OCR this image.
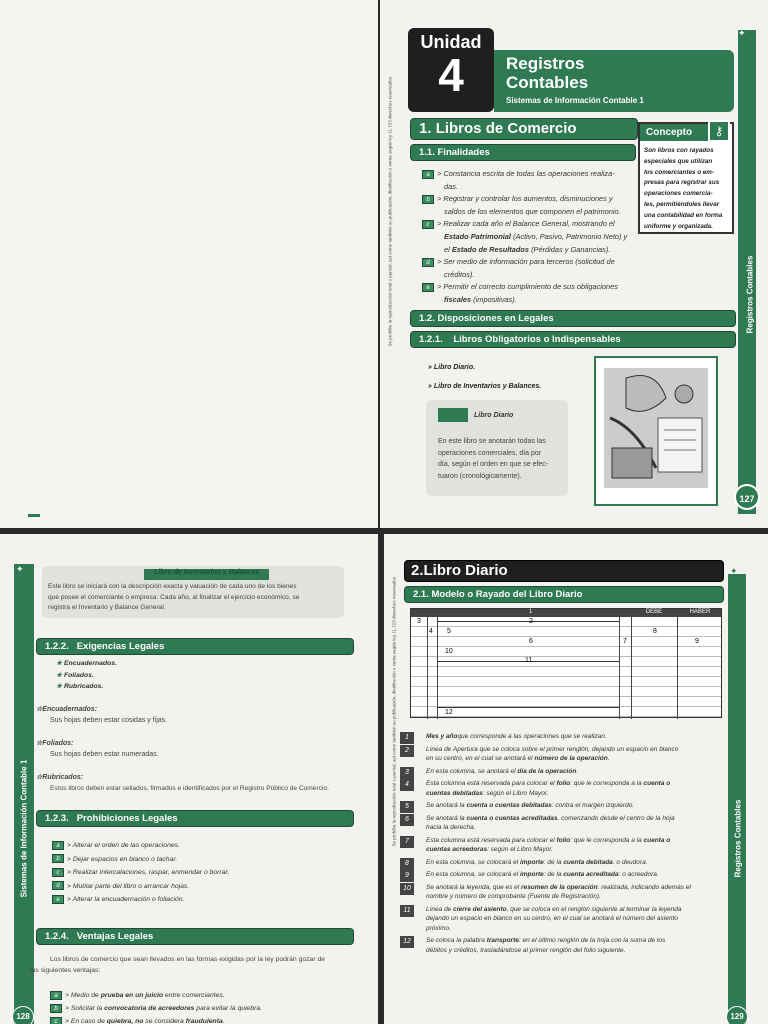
Registros Contables
✦
127
Unidad
4	Registros
Contables
Sistemas de Información Contable 1
Se prohíbe la reproducción total o parcial, así como también su publicación, distribución o venta según ley 11.723 derechos reservados	1. Libros de Comercio
1.1. Finalidades
a > Constancia escrita de todas las operaciones realiza-
das.
b > Registrar y controlar los aumentos, disminuciones y
saldos de los elementos que componen el patrimonio.
c > Realizar cada año el Balance General, mostrando el
Estado Patrimonial (Activo, Pasivo, Patrimonio Neto) y
el Estado de Resultados (Pérdidas y Ganancias).
d > Ser medio de información para terceros (solicitud de
créditos).
e > Permitir el correcto cumplimiento de sus obligaciones
fiscales (impositivas).
Concepto	⚷
Son libros con rayados
especiales que utilizan
los comerciantes o em-
presas para registrar sus
operaciones comercia-
les, permitiéndoles llevar
una contabilidad en forma
uniforme y organizada.
1.2. Disposiciones en Legales
1.2.1. Libros Obligatorios o Indispensables
» Libro Diario.
» Libro de Inventarios y Balances.
Libro Diario
En este libro se anotarán todas las
operaciones comerciales, día por
día, según el orden en que se efec-
tuaron (cronológicamente).
Sistemas de Información Contable 1
✦
128
Libro de Inventarios y Balances
Este libro se iniciará con la descripción exacta y valuación de cada uno de los bienes
que posee el comerciante o empresa. Cada año, al finalizar el ejercicio económico, se
registra el Inventario y Balance General.
1.2.2. Exigencias Legales
★ Encuadernados.
★ Foliados.
★ Rubricados.
☆Encuadernados:
Sus hojas deben estar cosidas y fijas.
☆Foliados:
Sus hojas deben estar numeradas.
☆Rubricados:
Estos libros deben estar sellados, firmados e identificados por el Registro Público de Comercio.
1.2.3. Prohibiciones Legales
a > Alterar el orden de las operaciones.
b > Dejar espacios en blanco o tachar.
c > Realizar intercalaciones, raspar, enmendar o borrar.
d > Mutilar parte del libro o arrancar hojas.
e > Alterar la encuadernación o foliación.
1.2.4. Ventajas Legales
Los libros de comercio que sean llevados en las formas exigidas por la ley podrán gozar de
las siguientes ventajas:
a > Medio de prueba en un juicio entre comerciantes.
b > Solicitar la convocatoria de acreedores para evitar la quiebra.
c > En caso de quiebra, no se considera fraudulenta.
Registros Contables
✦
129
Se prohíbe la reproducción total o parcial, así como también su publicación, distribución o venta según ley 11.723 derechos reservados
2.Libro Diario
2.1. Modelo o Rayado del Libro Diario
DEBE	HABER
1
2
3
4 5
6	7
8
9
10
11
12
1	Mes y añoque corresponde a las operaciones que se realizan.
2	Línea de Apertura que se coloca sobre el primer renglón, dejando un espacio en blanco
en su centro, en el cual se anotará el número de la operación.
3	En esta columna, se anotará el día de la operación.
4	Esta columna está reservada para colocar el folio: que le corresponda a la cuenta o
cuentas debitadas: según el Libro Mayor.
5	Se anotará la cuenta o cuentas debitadas: contra el margen izquierdo.
6	Se anotará la cuenta o cuentas acreditadas, comenzando desde el centro de la hoja
hacia la derecha.
7	Esta columna está reservada para colocar el folio: que le corresponda a la cuenta o
cuentas acreedoras: según el Libro Mayor.
8	En esta columna, se colocará el importe: de la cuenta debitada: o deudora.
9	En esta columna, se colocará el importe: de la cuenta acreditada: o acreedora.
10	Se anotará la leyenda, que es el resumen de la operación: realizada, indicando además el
nombre y número de comprobante (Fuente de Registración).
11	Línea de cierre del asiento, que se coloca en el renglón siguiente al terminar la leyenda
dejando un espacio en blanco en su centro, en el cual se anotará el número del asiento
próximo.
12	Se coloca la palabra transporte: en el último renglón de la hoja con la suma de los
débitos y créditos, trasladándose al primer renglón del folio siguiente.
